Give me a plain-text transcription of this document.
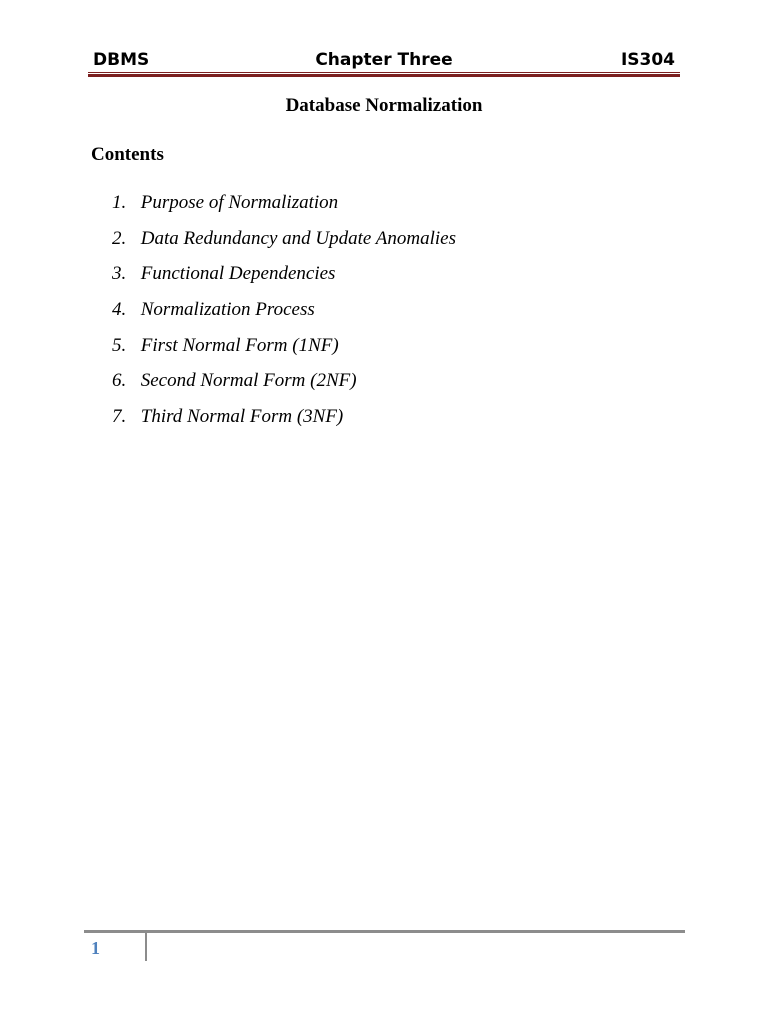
DBMS	Chapter Three	IS304
Database Normalization
Contents
1. Purpose of Normalization
2. Data Redundancy and Update Anomalies
3. Functional Dependencies
4. Normalization Process
5. First Normal Form (1NF)
6. Second Normal Form (2NF)
7. Third Normal Form (3NF)
1
